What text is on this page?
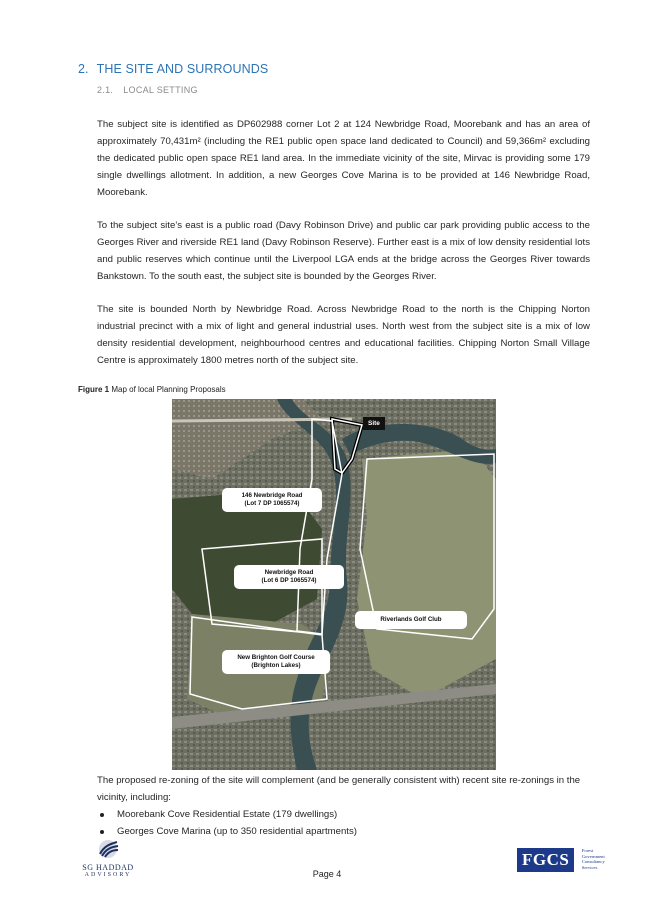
2. THE SITE AND SURROUNDS
2.1. LOCAL SETTING

The subject site is identified as DP602988 corner Lot 2 at 124 Newbridge Road, Moorebank and has an area of approximately 70,431m² (including the RE1 public open space land dedicated to Council) and 59,366m² excluding the dedicated public open space RE1 land area. In the immediate vicinity of the site, Mirvac is providing some 179 single dwellings allotment. In addition, a new Georges Cove Marina is to be provided at 146 Newbridge Road, Moorebank.

To the subject site’s east is a public road (Davy Robinson Drive) and public car park providing public access to the Georges River and riverside RE1 land (Davy Robinson Reserve). Further east is a mix of low density residential lots and public reserves which continue until the Liverpool LGA ends at the bridge across the Georges River towards Bankstown. To the south east, the subject site is bounded by the Georges River.

The site is bounded North by Newbridge Road. Across Newbridge Road to the north is the Chipping Norton industrial precinct with a mix of light and general industrial uses. North west from the subject site is a mix of low density residential development, neighbourhood centres and educational facilities. Chipping Norton Small Village Centre is approximately 1800 metres north of the subject site.

Figure 1 Map of local Planning Proposals
Site
146 Newbridge Road
(Lot 7 DP 1065574)
Newbridge Road
(Lot 6 DP 1065574)
Riverlands Golf Club
New Brighton Golf Course
(Brighton Lakes)

The proposed re-zoning of the site will complement (and be generally consistent with) recent site re-zonings in the vicinity, including:

Moorebank Cove Residential Estate (179 dwellings)
Georges Cove Marina (up to 350 residential apartments)
SG HADDAD
ADVISORY	Page 4
FGCS	Forest
Government
Consultancy
Services
